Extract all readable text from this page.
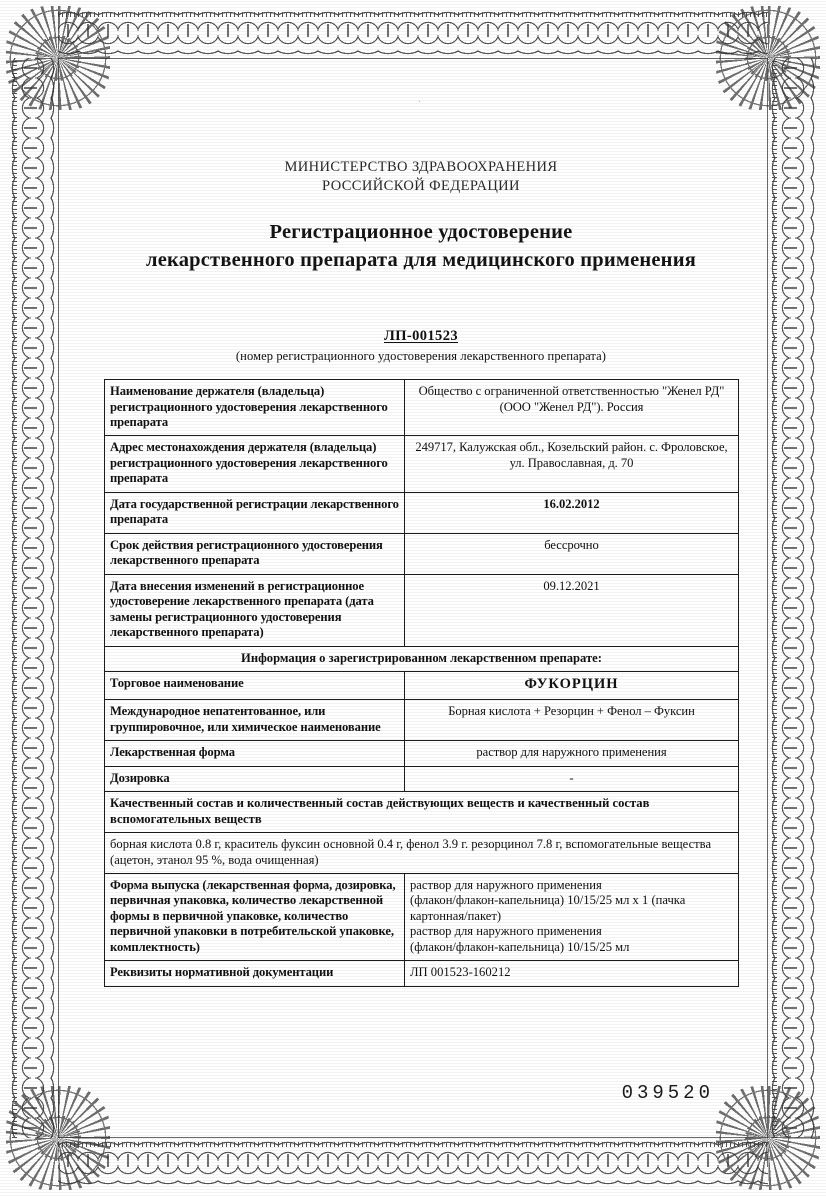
·
МИНИСТЕРСТВО ЗДРАВООХРАНЕНИЯ
РОССИЙСКОЙ ФЕДЕРАЦИИ
Регистрационное удостоверение
лекарственного препарата для медицинского применения
ЛП-001523
(номер регистрационного удостоверения лекарственного препарата)
Наименование держателя (владельца) регистрационного удостоверения лекарственного препарата	Общество с ограниченной ответственностью "Женел РД" (ООО "Женел РД"). Россия
Адрес местонахождения держателя (владельца) регистрационного удостоверения лекарственного препарата	249717, Калужская обл., Козельский район. с. Фроловское, ул. Православная, д. 70
Дата государственной регистрации лекарственного препарата	16.02.2012
Срок действия регистрационного удостоверения лекарственного препарата	бессрочно
Дата внесения изменений в регистрационное удостоверение лекарственного препарата (дата замены регистрационного удостоверения лекарственного препарата)	09.12.2021
Информация о зарегистрированном лекарственном препарате:	
Торговое наименование	ФУКОРЦИН
Международное непатентованное, или группировочное, или химическое наименование	Борная кислота + Резорцин + Фенол – Фуксин
Лекарственная форма	раствор для наружного применения
Дозировка	-
Качественный состав и количественный состав действующих веществ и качественный состав вспомогательных веществ	
борная кислота 0.8 г, краситель фуксин основной 0.4 г, фенол 3.9 г. резорцинол 7.8 г, вспомогательные вещества (ацетон, этанол 95 %, вода очищенная)	
Форма выпуска (лекарственная форма, дозировка, первичная упаковка, количество лекарственной формы в первичной упаковке, количество первичной упаковки в потребительской упаковке, комплектность)	раствор для наружного применения
(флакон/флакон-капельница) 10/15/25 мл х 1 (пачка картонная/пакет)
раствор для наружного применения
(флакон/флакон-капельница) 10/15/25 мл

Реквизиты нормативной документации	ЛП 001523-160212
039520
